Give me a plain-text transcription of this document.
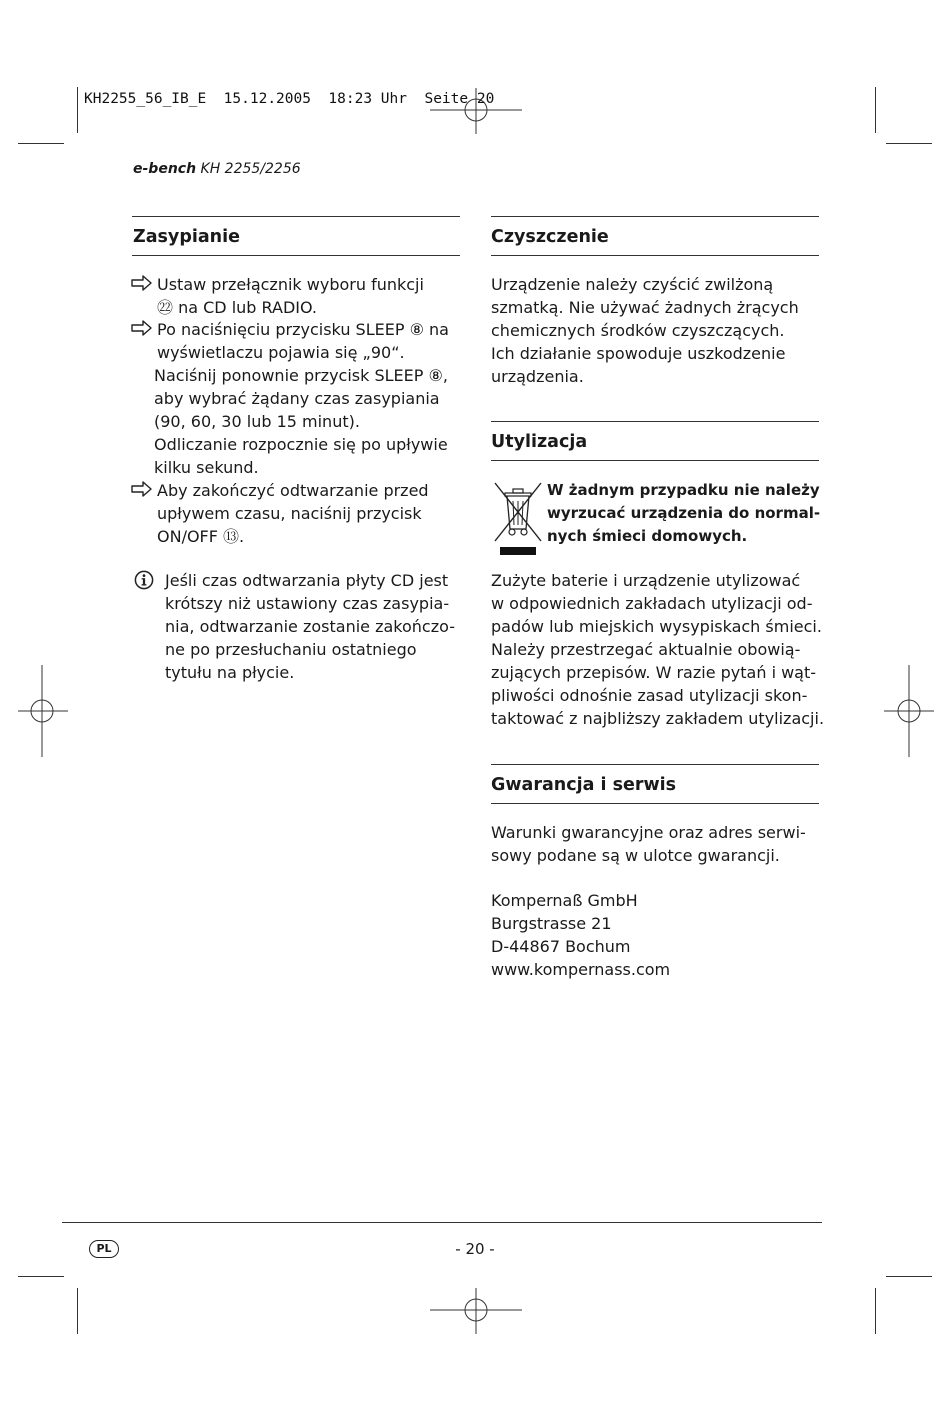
KH2255_56_IB_E  15.12.2005  18:23 Uhr  Seite 20
e-bench KH 2255/2256
Zasypianie
Ustaw przełącznik wyboru funkcji
㉒ na CD lub RADIO.
Po naciśnięciu przycisku SLEEP ⑧ na
wyświetlaczu pojawia się „90“.
Naciśnij ponownie przycisk SLEEP ⑧,
aby wybrać żądany czas zasypiania
(90, 60, 30 lub 15 minut).
Odliczanie rozpocznie się po upływie
kilku sekund.
Aby zakończyć odtwarzanie przed
upływem czasu, naciśnij przycisk
ON/OFF ⑬.
Jeśli czas odtwarzania płyty CD jest
krótszy niż ustawiony czas zasypia-
nia, odtwarzanie zostanie zakończo-
ne po przesłuchaniu ostatniego
tytułu na płycie.
Czyszczenie
Urządzenie należy czyścić zwilżoną
szmatką. Nie używać żadnych żrących
chemicznych środków czyszczących.
Ich działanie spowoduje uszkodzenie
urządzenia.
Utylizacja
W żadnym przypadku nie należy
wyrzucać urządzenia do normal-
nych śmieci domowych.
Zużyte baterie i urządzenie utylizować
w odpowiednich zakładach utylizacji od-
padów lub miejskich wysypiskach śmieci.
Należy przestrzegać aktualnie obowią-
zujących przepisów. W razie pytań i wąt-
pliwości odnośnie zasad utylizacji skon-
taktować z najbliższy zakładem utylizacji.
Gwarancja i serwis
Warunki gwarancyjne oraz adres serwi-
sowy podane są w ulotce gwarancji.
Kompernaß GmbH
Burgstrasse 21
D-44867 Bochum
www.kompernass.com
PL	- 20 -
